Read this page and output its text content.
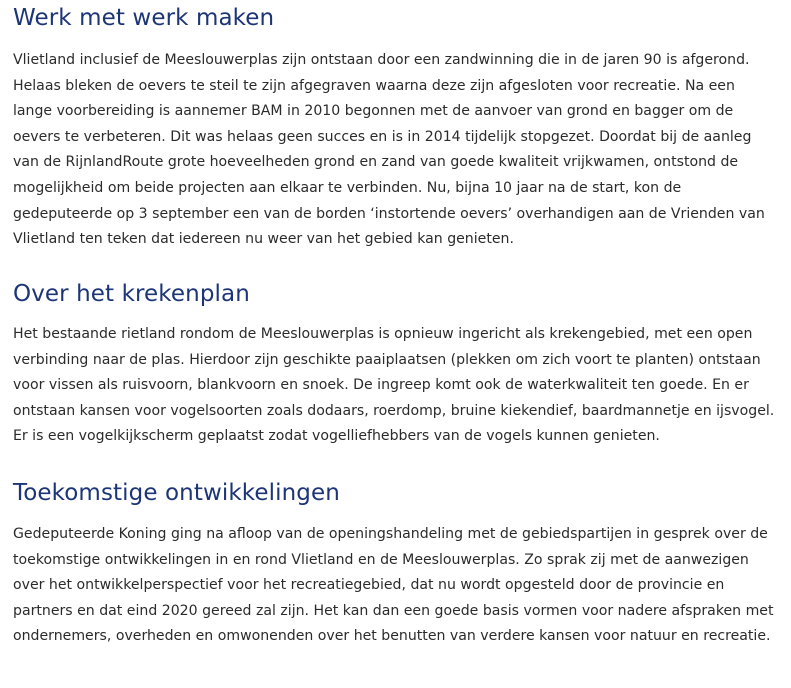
Werk met werk maken

Vlietland inclusief de Meeslouwerplas zijn ontstaan door een zandwinning die in de jaren 90 is afgerond. Helaas bleken de oevers te steil te zijn afgegraven waarna deze zijn afgesloten voor recreatie. Na een lange voorbereiding is aannemer BAM in 2010 begonnen met de aanvoer van grond en bagger om de oevers te verbeteren. Dit was helaas geen succes en is in 2014 tijdelijk stopgezet. Doordat bij de aanleg van de RijnlandRoute grote hoeveelheden grond en zand van goede kwaliteit vrijkwamen, ontstond de mogelijkheid om beide projecten aan elkaar te verbinden. Nu, bijna 10 jaar na de start, kon de gedeputeerde op 3 september een van de borden ‘instortende oevers’ overhandigen aan de Vrienden van Vlietland ten teken dat iedereen nu weer van het gebied kan genieten.

Over het krekenplan

Het bestaande rietland rondom de Meeslouwerplas is opnieuw ingericht als krekengebied, met een open verbinding naar de plas. Hierdoor zijn geschikte paaiplaatsen (plekken om zich voort te planten) ontstaan voor vissen als ruisvoorn, blankvoorn en snoek. De ingreep komt ook de waterkwaliteit ten goede. En er ontstaan kansen voor vogelsoorten zoals dodaars, roerdomp, bruine kiekendief, baardmannetje en ijsvogel. Er is een vogelkijkscherm geplaatst zodat vogelliefhebbers van de vogels kunnen genieten.

Toekomstige ontwikkelingen

Gedeputeerde Koning ging na afloop van de openingshandeling met de gebiedspartijen in gesprek over de toekomstige ontwikkelingen in en rond Vlietland en de Meeslouwerplas. Zo sprak zij met de aanwezigen over het ontwikkelperspectief voor het recreatiegebied, dat nu wordt opgesteld door de provincie en partners en dat eind 2020 gereed zal zijn. Het kan dan een goede basis vormen voor nadere afspraken met ondernemers, overheden en omwonenden over het benutten van verdere kansen voor natuur en recreatie.
